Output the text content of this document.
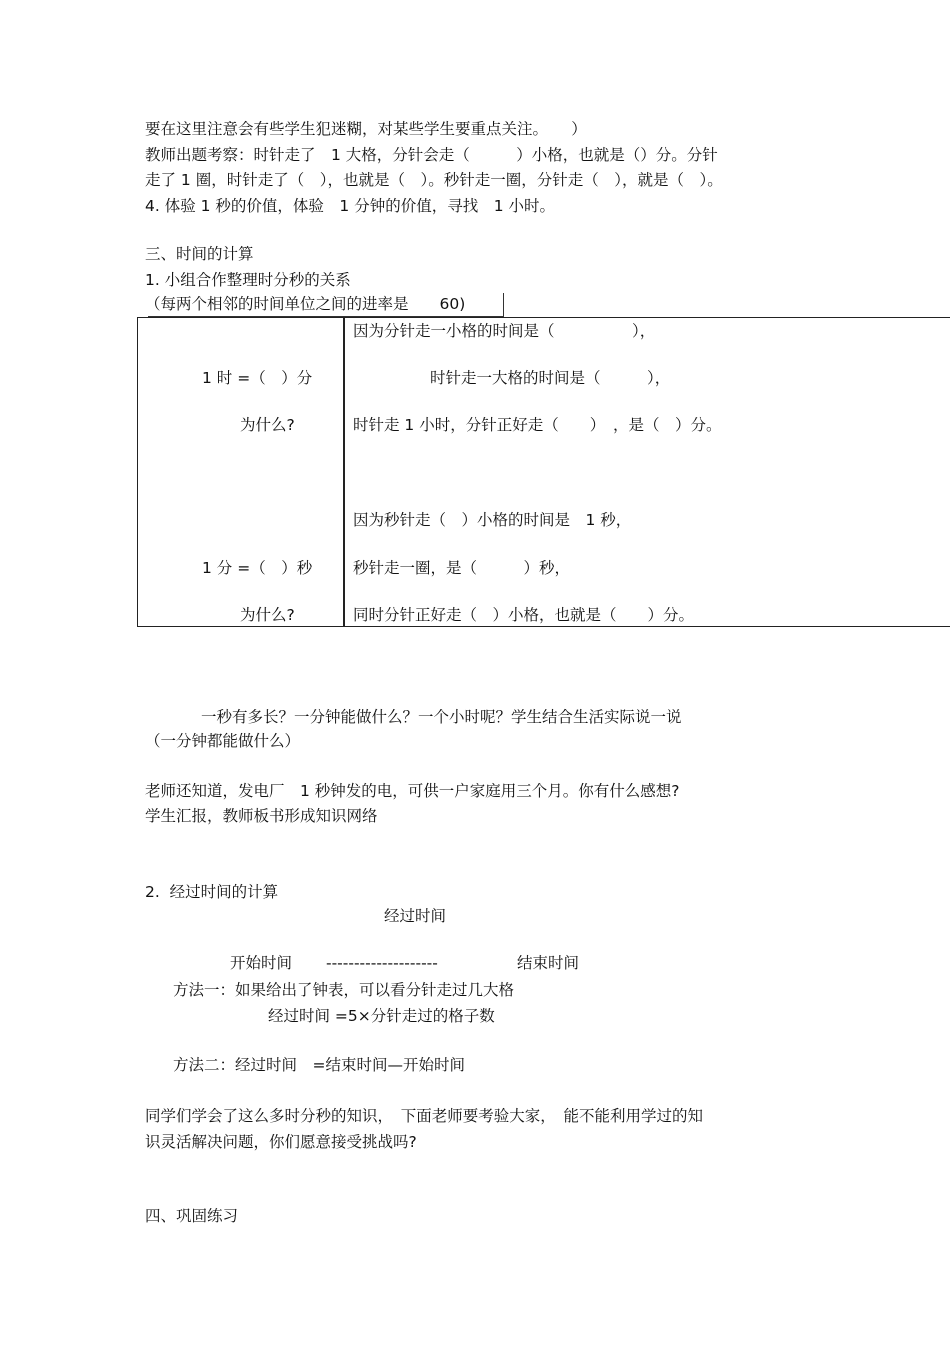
要在这里注意会有些学生犯迷糊，对某些学生要重点关注。　　）
教师出题考察：时针走了　1 大格，分针会走（　　　）小格，也就是（）分。分针
走了 1 圈，时针走了（　），也就是（　）。秒针走一圈，分针走（　），就是（　）。
4. 体验 1 秒的价值，体验　1 分钟的价值，寻找　1 小时。
三、时间的计算
1. 小组合作整理时分秒的关系
（每两个相邻的时间单位之间的进率是　　60)
1 时 =（　）分
为什么?
因为分针走一小格的时间是（　　　　　），
时针走一大格的时间是（　　　），
时针走 1 小时，分针正好走（　　）　，是（　）分。
1 分 =（　）秒
为什么?
因为秒针走（　）小格的时间是　1 秒，
秒针走一圈，是（　　　）秒，
同时分针正好走（　）小格，也就是（　　）分。
一秒有多长？一分钟能做什么？一个小时呢？学生结合生活实际说一说
（一分钟都能做什么）
老师还知道，发电厂　1 秒钟发的电，可供一户家庭用三个月。你有什么感想?
学生汇报，教师板书形成知识网络
2.  经过时间的计算
经过时间
开始时间 --------------------	结束时间
方法一：如果给出了钟表，可以看分针走过几大格
经过时间 =5×分针走过的格子数
方法二：经过时间　=结束时间—开始时间
同学们学会了这么多时分秒的知识，　下面老师要考验大家，　能不能利用学过的知
识灵活解决问题，你们愿意接受挑战吗?
四、巩固练习
